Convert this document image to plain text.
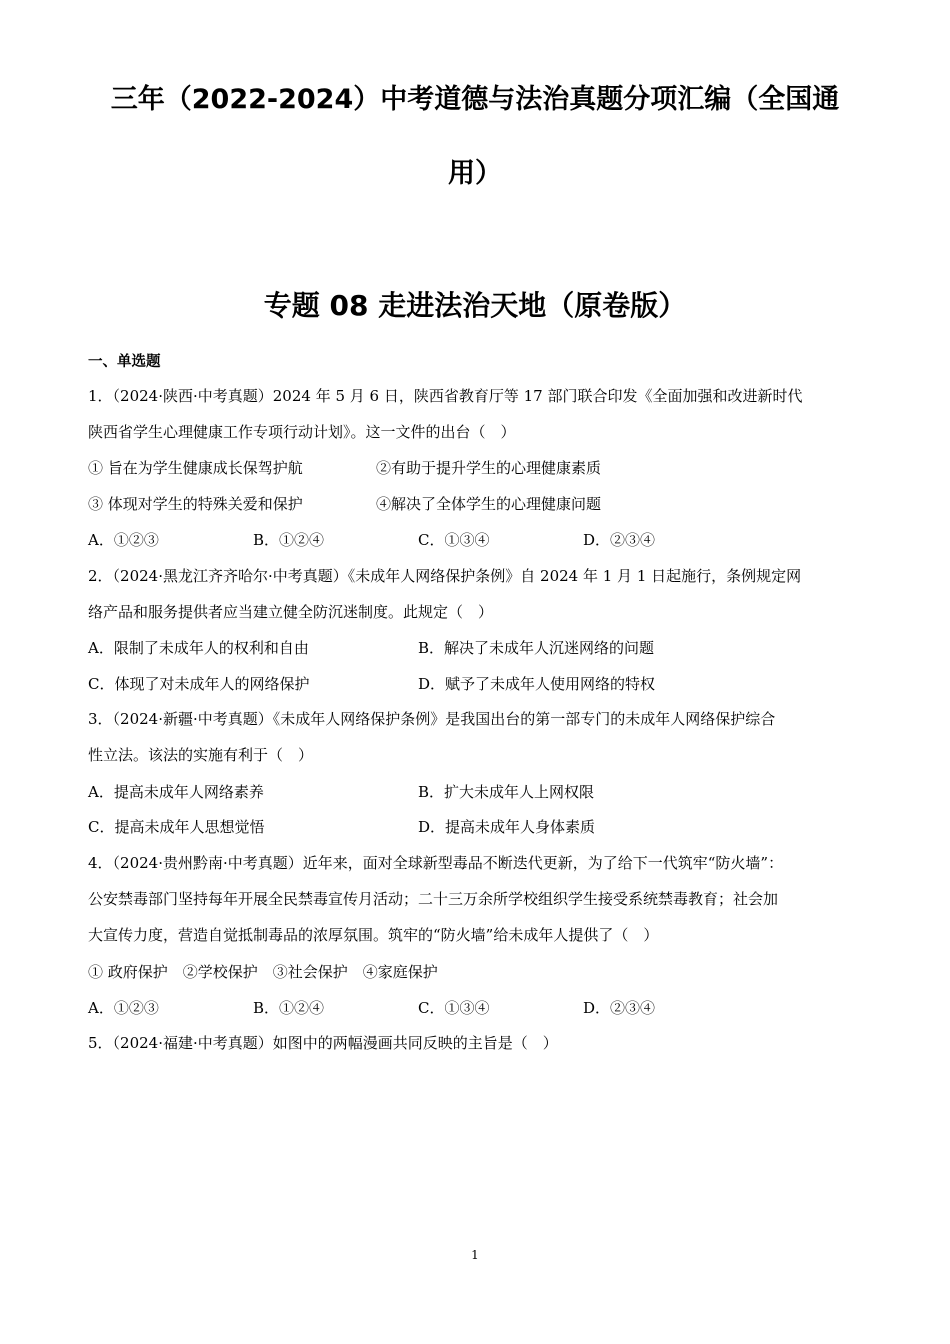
三年（2022-2024）中考道德与法治真题分项汇编（全国通
用）
专题 08 走进法治天地（原卷版）
一、单选题
1．（2024·陕西·中考真题）2024 年 5 月 6 日，陕西省教育厅等 17 部门联合印发《全面加强和改进新时代
陕西省学生心理健康工作专项行动计划》。这一文件的出台（　）
① 旨在为学生健康成长保驾护航	②有助于提升学生的心理健康素质
③ 体现对学生的特殊关爱和保护	④解决了全体学生的心理健康问题
A．①②③	B．①②④	C．①③④	D．②③④
2．（2024·黑龙江齐齐哈尔·中考真题）《未成年人网络保护条例》自 2024 年 1 月 1 日起施行，条例规定网
络产品和服务提供者应当建立健全防沉迷制度。此规定（　）
A．限制了未成年人的权利和自由	B．解决了未成年人沉迷网络的问题
C．体现了对未成年人的网络保护	D．赋予了未成年人使用网络的特权
3．（2024·新疆·中考真题）《未成年人网络保护条例》是我国出台的第一部专门的未成年人网络保护综合
性立法。该法的实施有利于（　）
A．提高未成年人网络素养	B．扩大未成年人上网权限
C．提高未成年人思想觉悟	D．提高未成年人身体素质
4．（2024·贵州黔南·中考真题）近年来，面对全球新型毒品不断迭代更新，为了给下一代筑牢“防火墙”：
公安禁毒部门坚持每年开展全民禁毒宣传月活动；二十三万余所学校组织学生接受系统禁毒教育；社会加
大宣传力度，营造自觉抵制毒品的浓厚氛围。筑牢的“防火墙”给未成年人提供了（　）
① 政府保护　②学校保护　③社会保护　④家庭保护
A．①②③	B．①②④	C．①③④	D．②③④
5．（2024·福建·中考真题）如图中的两幅漫画共同反映的主旨是（　）
1
